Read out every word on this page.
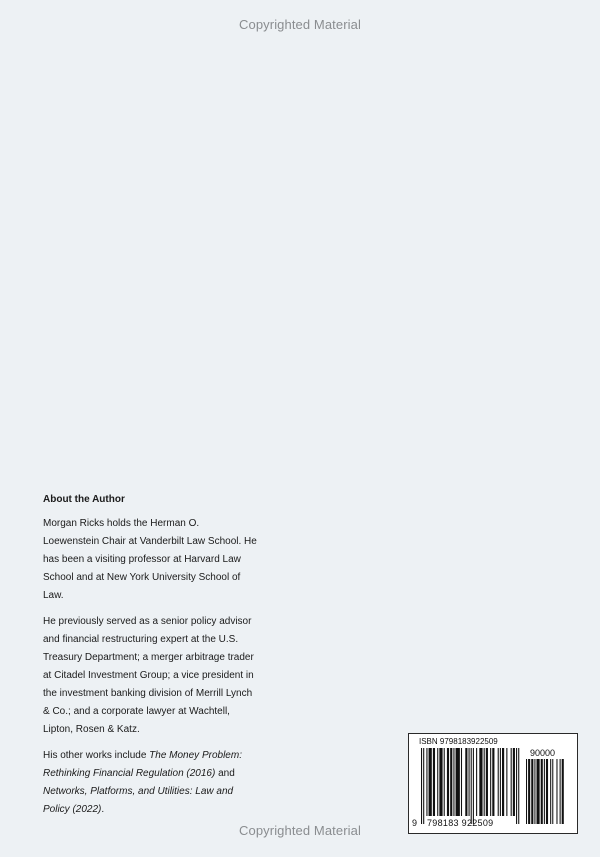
Copyrighted Material
About the Author

Morgan Ricks holds the Herman O. Loewenstein Chair at Vanderbilt Law School. He has been a visiting professor at Harvard Law School and at New York University School of Law.

He previously served as a senior policy advisor and financial restructuring expert at the U.S. Treasury Department; a merger arbitrage trader at Citadel Investment Group; a vice president in the investment banking division of Merrill Lynch & Co.; and a corporate lawyer at Wachtell, Lipton, Rosen & Katz.

His other works include The Money Problem: Rethinking Financial Regulation (2016) and Networks, Platforms, and Utilities: Law and Policy (2022).

ISBN 9798183922509
90000
9 798183 922509
Copyrighted Material
